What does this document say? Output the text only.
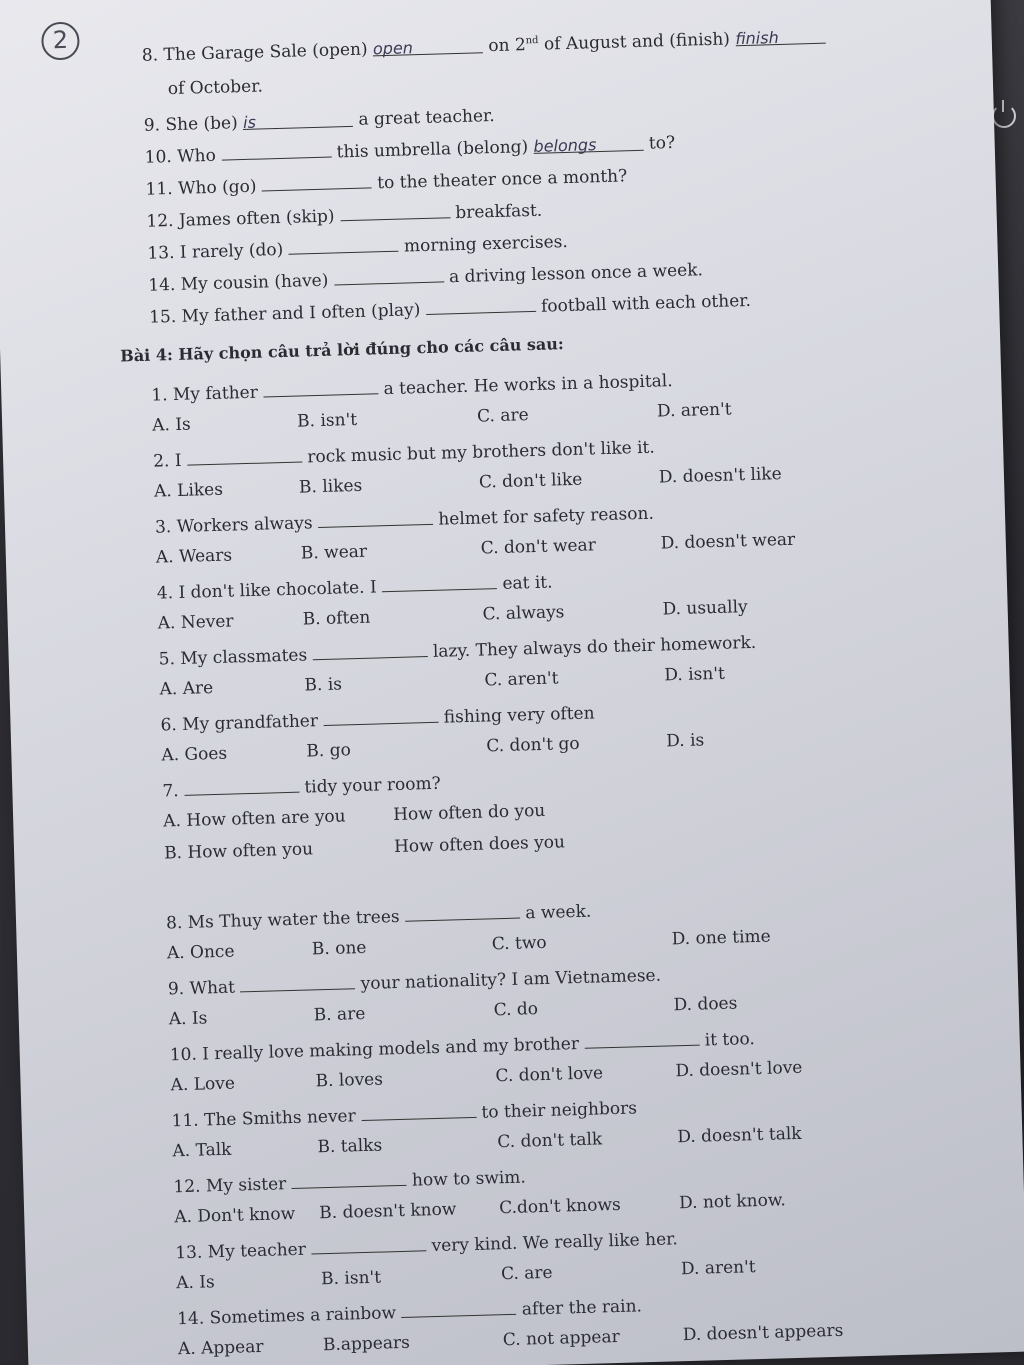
2
8. The Garage Sale (open) open	on 2nd of August and (finish) finish
of October.
9. She (be) is	a great teacher.
10. Who	this umbrella (belong) belongs	to?
11. Who (go)	to the theater once a month?
12. James often (skip)	breakfast.
13. I rarely (do)	morning exercises.
14. My cousin (have)	a driving lesson once a week.
15. My father and I often (play)	football with each other.
Bài 4: Hãy chọn câu trả lời đúng cho các câu sau:
1. My father	a teacher. He works in a hospital.
A. Is	B. isn't	C. are	D. aren't
2. I	rock music but my brothers don't like it.
A. Likes	B. likes	C. don't like	D. doesn't like
3. Workers always	helmet for safety reason.
A. Wears	B. wear	C. don't wear	D. doesn't wear
4. I don't like chocolate. I	eat it.
A. Never	B. often	C. always	D. usually
5. My classmates	lazy. They always do their homework.
A. Are	B. is	C. aren't	D. isn't
6. My grandfather	fishing very often
A. Goes	B. go	C. don't go	D. is
7.	tidy your room?
A. How often are you	How often do you
B. How often you	How often does you
8. Ms Thuy water the trees	a week.
A. Once	B. one	C. two	D. one time
9. What	your nationality? I am Vietnamese.
A. Is	B. are	C. do	D. does
10. I really love making models and my brother	it too.
A. Love	B. loves	C. don't love	D. doesn't love
11. The Smiths never	to their neighbors
A. Talk	B. talks	C. don't talk	D. doesn't talk
12. My sister	how to swim.
A. Don't know B. doesn't know C.don't knows	D. not know.
13. My teacher	very kind. We really like her.
A. Is	B. isn't	C. are	D. aren't
14. Sometimes a rainbow	after the rain.
A. Appear	B.appears	C. not appear	D. doesn't appears
